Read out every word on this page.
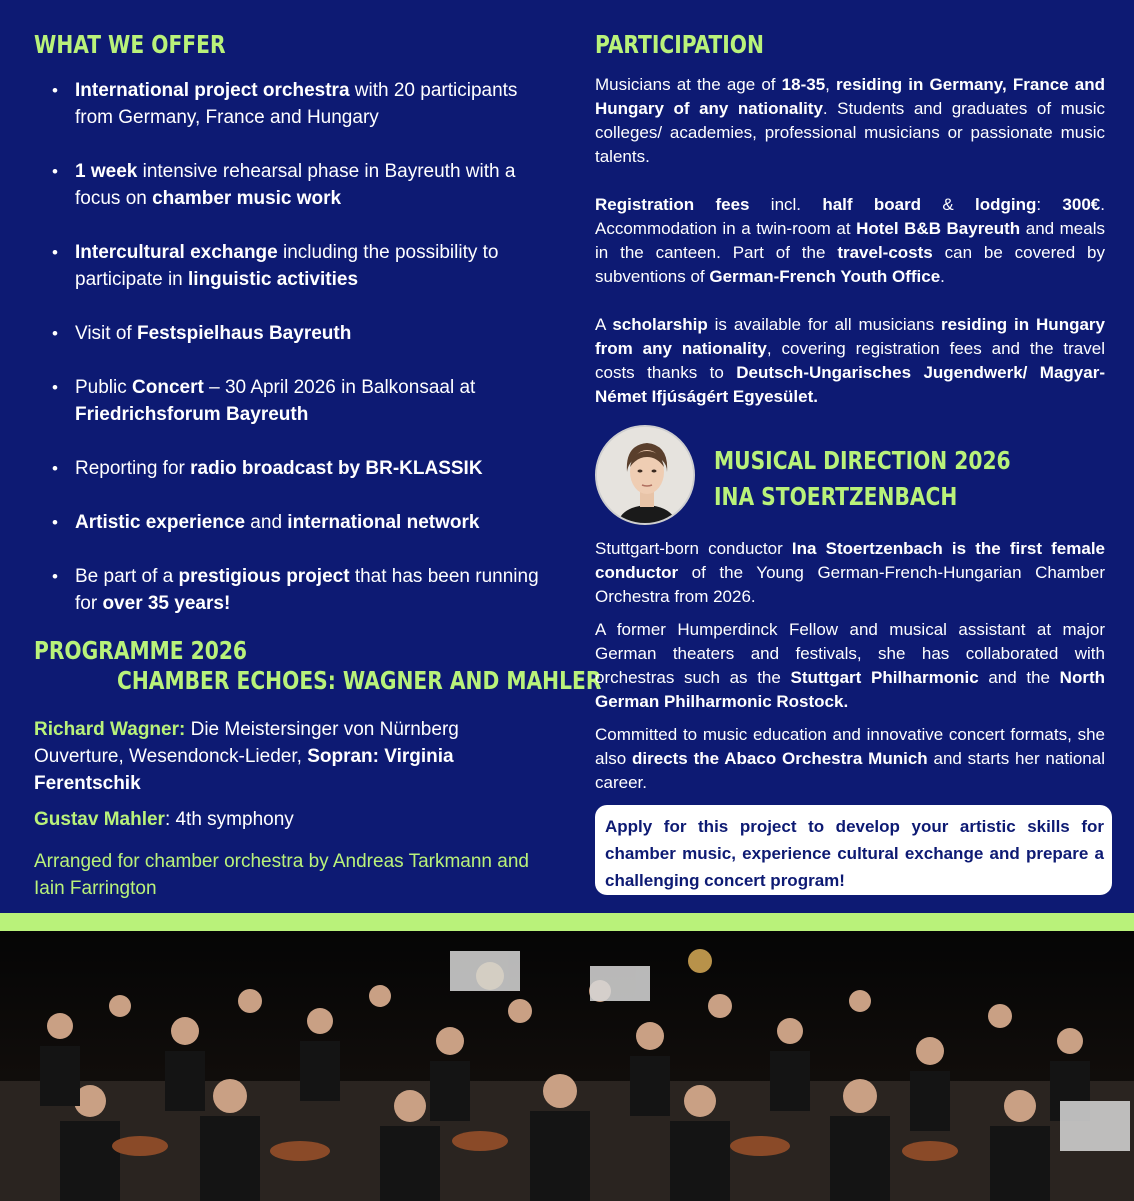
WHAT WE OFFER
• International project orchestra with 20 participants from Germany, France and Hungary
• 1 week intensive rehearsal phase in Bayreuth with a focus on chamber music work
• Intercultural exchange including the possibility to participate in linguistic activities
• Visit of Festspielhaus Bayreuth
• Public Concert – 30 April 2026 in Balkonsaal at Friedrichsforum Bayreuth
• Reporting for radio broadcast by BR-KLASSIK
• Artistic experience and international network
• Be part of a prestigious project that has been running for over 35 years!
PROGRAMME 2026
CHAMBER ECHOES: WAGNER AND MAHLER

Richard Wagner: Die Meistersinger von Nürnberg Ouverture, Wesendonck-Lieder, Sopran: Virginia Ferentschik

Gustav Mahler: 4th symphony

Arranged for chamber orchestra by Andreas Tarkmann and Iain Farrington

PARTICIPATION

Musicians at the age of 18-35, residing in Germany, France and Hungary of any nationality. Students and graduates of music colleges/ academies, professional musicians or passionate music talents.

Registration fees incl. half board & lodging: 300€. Accommodation in a twin-room at Hotel B&B Bayreuth and meals in the canteen. Part of the travel-costs can be covered by subventions of German-French Youth Office.

A scholarship is available for all musicians residing in Hungary from any nationality, covering registration fees and the travel costs thanks to Deutsch-Ungarisches Jugendwerk/ Magyar-Német Ifjúságért Egyesület.

MUSICAL DIRECTION 2026
INA STOERTZENBACH

Stuttgart-born conductor Ina Stoertzenbach is the first female conductor of the Young German-French-Hungarian Chamber Orchestra from 2026.

A former Humperdinck Fellow and musical assistant at major German theaters and festivals, she has collaborated with orchestras such as the Stuttgart Philharmonic and the North German Philharmonic Rostock.

Committed to music education and innovative concert formats, she also directs the Abaco Orchestra Munich and starts her national career.

Apply for this project to develop your artistic skills for chamber music, experience cultural exchange and prepare a challenging concert program!
